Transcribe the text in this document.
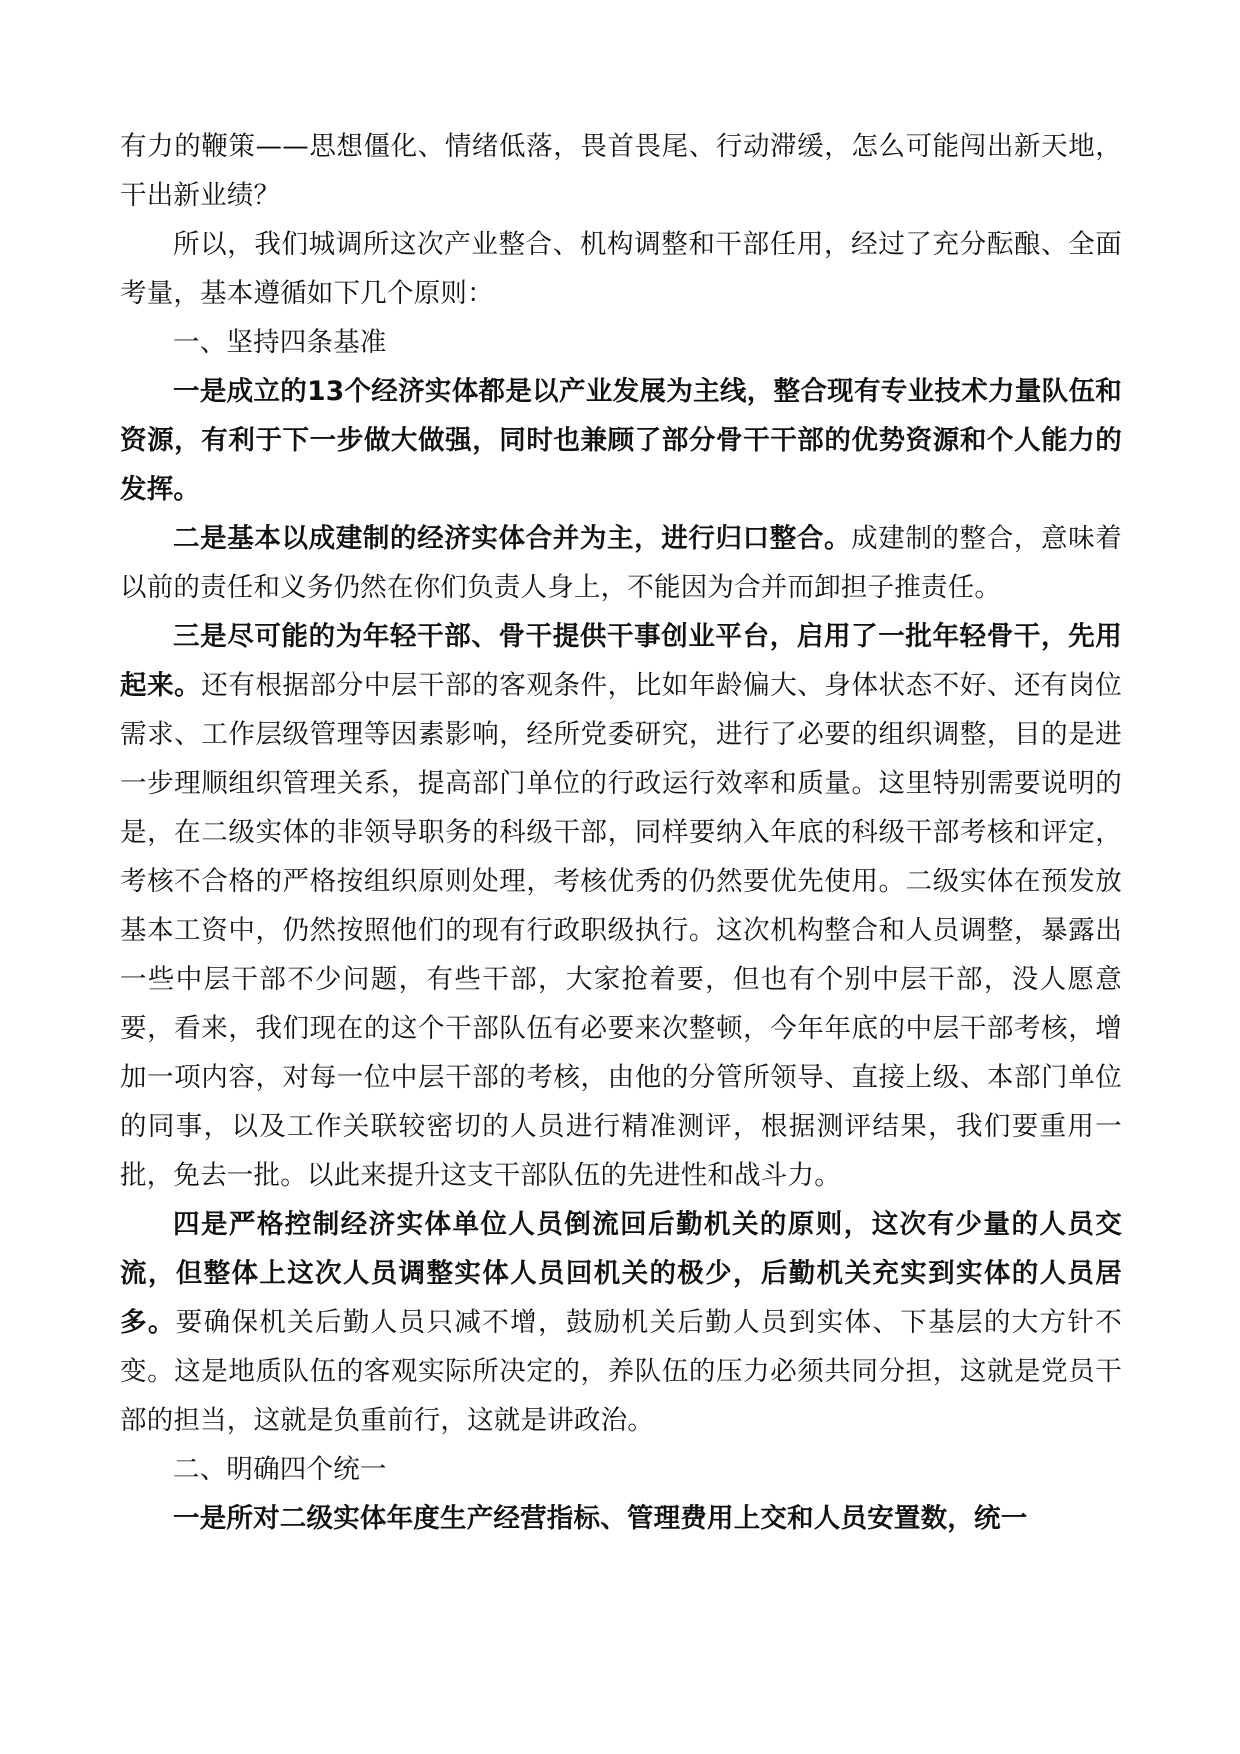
有力的鞭策——思想僵化、情绪低落，畏首畏尾、行动滞缓，怎么可能闯出新天地，干出新业绩？

所以，我们城调所这次产业整合、机构调整和干部任用，经过了充分酝酿、全面考量，基本遵循如下几个原则：

一、坚持四条基准

一是成立的13个经济实体都是以产业发展为主线，整合现有专业技术力量队伍和资源，有利于下一步做大做强，同时也兼顾了部分骨干干部的优势资源和个人能力的发挥。

二是基本以成建制的经济实体合并为主，进行归口整合。成建制的整合，意味着以前的责任和义务仍然在你们负责人身上，不能因为合并而卸担子推责任。

三是尽可能的为年轻干部、骨干提供干事创业平台，启用了一批年轻骨干，先用起来。还有根据部分中层干部的客观条件，比如年龄偏大、身体状态不好、还有岗位需求、工作层级管理等因素影响，经所党委研究，进行了必要的组织调整，目的是进一步理顺组织管理关系，提高部门单位的行政运行效率和质量。这里特别需要说明的是，在二级实体的非领导职务的科级干部，同样要纳入年底的科级干部考核和评定，考核不合格的严格按组织原则处理，考核优秀的仍然要优先使用。二级实体在预发放基本工资中，仍然按照他们的现有行政职级执行。这次机构整合和人员调整，暴露出一些中层干部不少问题，有些干部，大家抢着要，但也有个别中层干部，没人愿意要，看来，我们现在的这个干部队伍有必要来次整顿，今年年底的中层干部考核，增加一项内容，对每一位中层干部的考核，由他的分管所领导、直接上级、本部门单位的同事，以及工作关联较密切的人员进行精准测评，根据测评结果，我们要重用一批，免去一批。以此来提升这支干部队伍的先进性和战斗力。

四是严格控制经济实体单位人员倒流回后勤机关的原则，这次有少量的人员交流，但整体上这次人员调整实体人员回机关的极少，后勤机关充实到实体的人员居多。要确保机关后勤人员只减不增，鼓励机关后勤人员到实体、下基层的大方针不变。这是地质队伍的客观实际所决定的，养队伍的压力必须共同分担，这就是党员干部的担当，这就是负重前行，这就是讲政治。

二、明确四个统一

一是所对二级实体年度生产经营指标、管理费用上交和人员安置数，统一
